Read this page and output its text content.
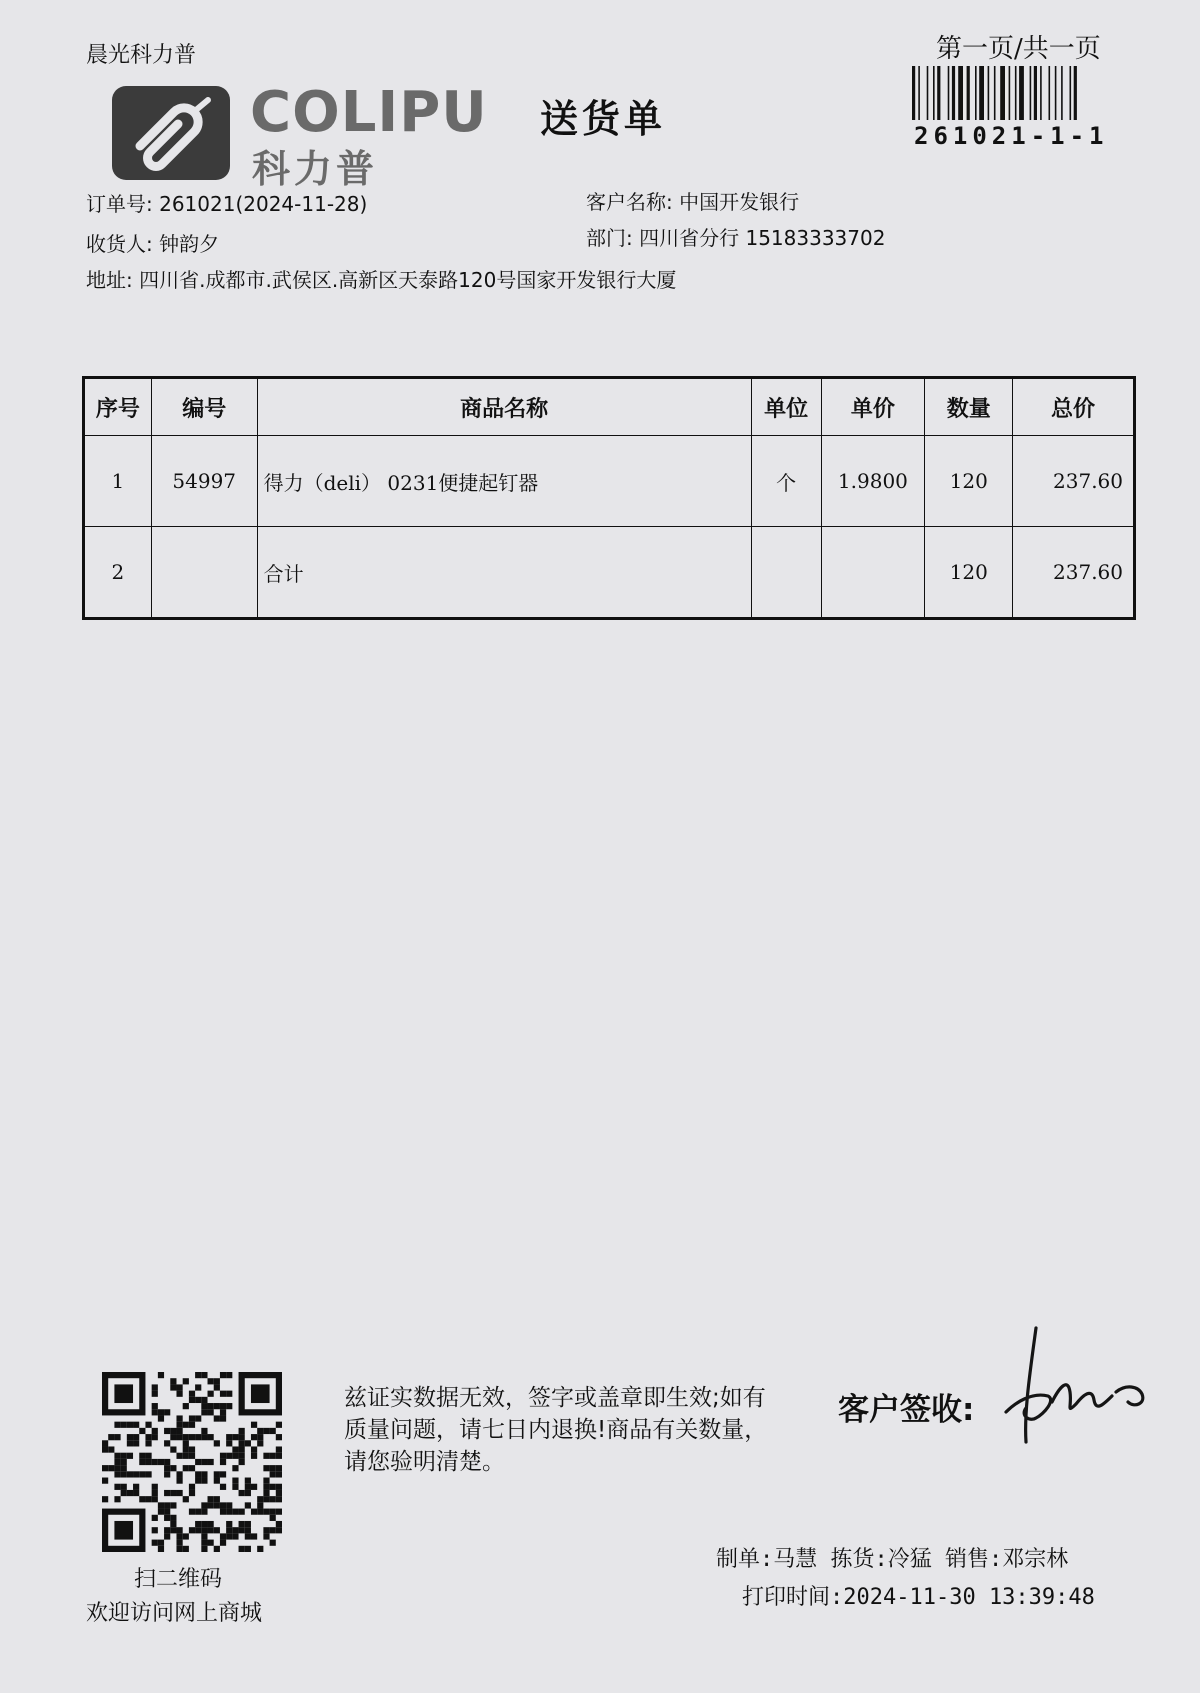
晨光科力普
COLIPU
科力普
送货单
第一页/共一页
261021-1-1
订单号: 261021(2024-11-28)
收货人: 钟韵夕
地址: 四川省.成都市.武侯区.高新区天泰路120号国家开发银行大厦
客户名称: 中国开发银行
部门: 四川省分行 15183333702
序号	编号	商品名称	单位	单价	数量	总价
1	54997	得力（deli） 0231便捷起钉器	个	1.9800	120	237.60
2		合计			120	237.60
扫二维码
欢迎访问网上商城
兹证实数据无效，签字或盖章即生效;如有质量问题，请七日内退换!商品有关数量，请您验明清楚。
客户签收:
制单:马慧 拣货:冷猛 销售:邓宗林
打印时间:2024-11-30 13:39:48
